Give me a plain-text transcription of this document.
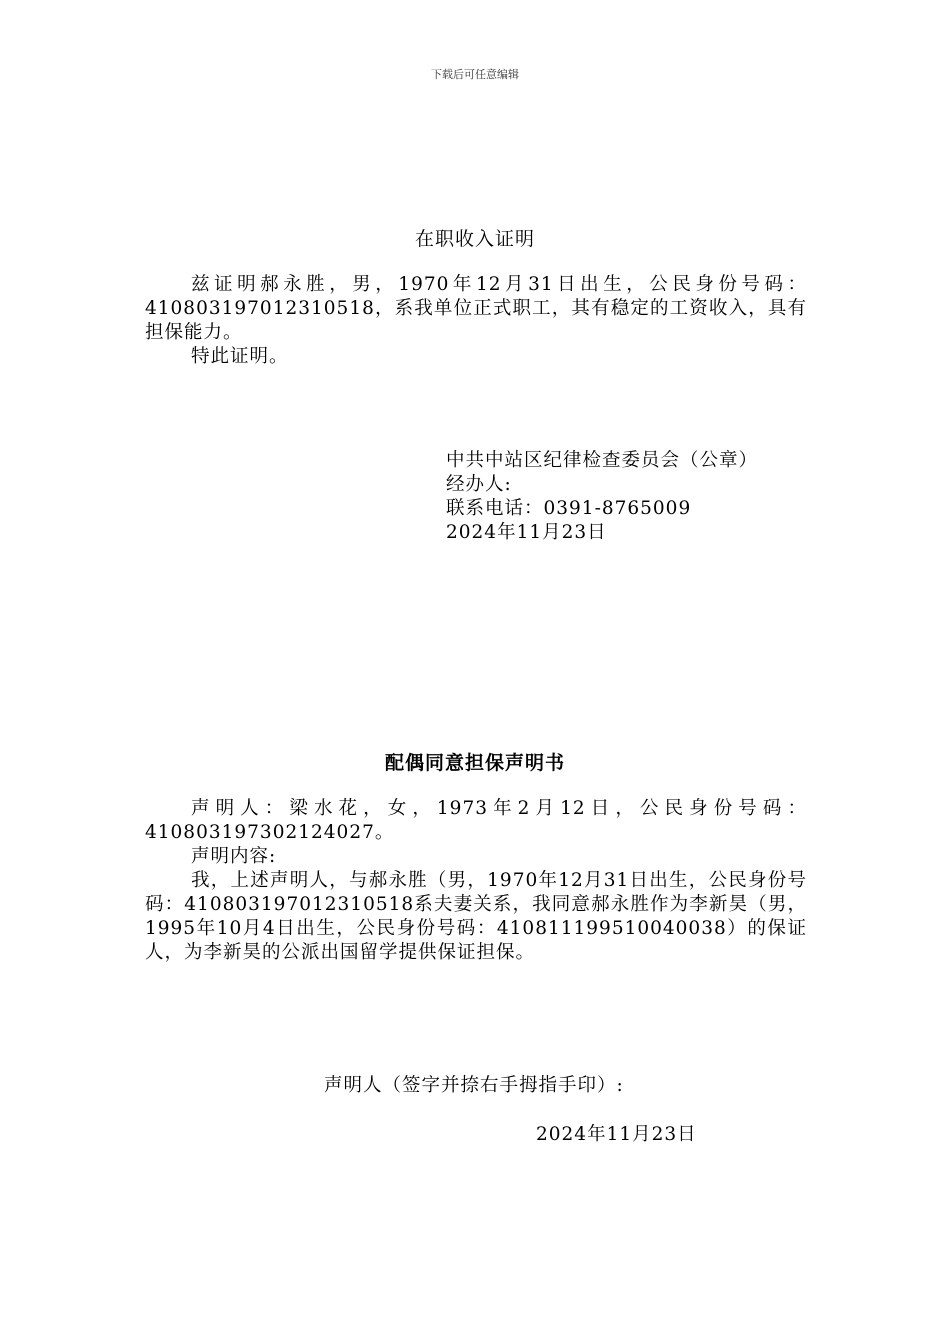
下载后可任意编辑
在职收入证明

兹证明郝永胜，男，1970年12月31日出生，公民身份号码：410803197012310518，系我单位正式职工，其有稳定的工资收入，具有担保能力。

特此证明。

中共中站区纪律检查委员会（公章）
经办人:
联系电话：0391-8765009
2024年11月23日
配偶同意担保声明书

声明人：梁水花，女，1973年2月12日，公民身份号码：410803197302124027。

声明内容:

我，上述声明人，与郝永胜（男，1970年12月31日出生，公民身份号码：410803197012310518系夫妻关系，我同意郝永胜作为李新昊（男，1995年10月4日出生，公民身份号码：410811199510040038）的保证人，为李新昊的公派出国留学提供保证担保。

声明人（签字并捺右手拇指手印）:
2024年11月23日
